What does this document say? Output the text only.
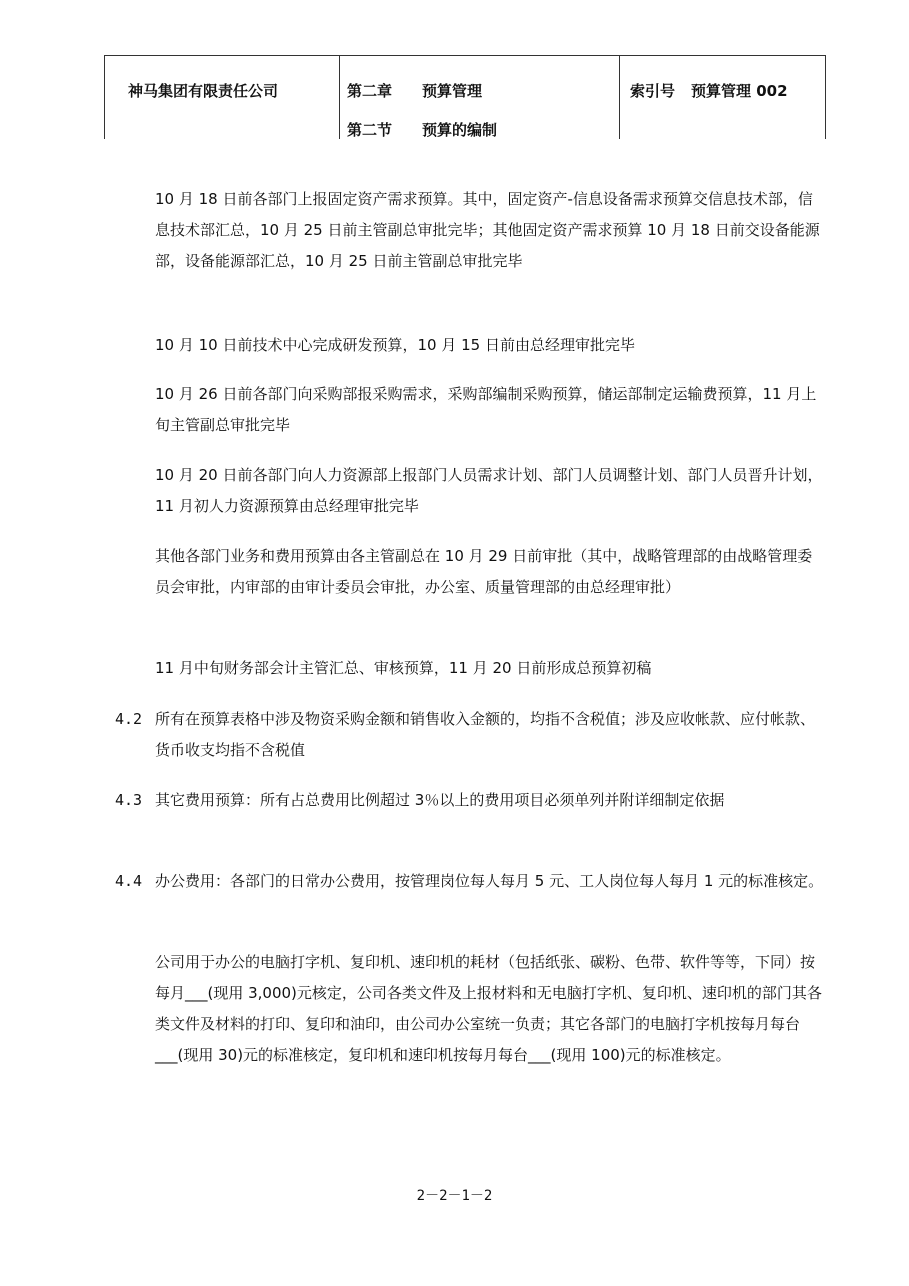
神马集团有限责任公司	第二章　　预算管理
第二节　　预算的编制
索引号 预算管理 002

10 月 18 日前各部门上报固定资产需求预算。其中，固定资产-信息设备需求预算交信息技术部，信息技术部汇总，10 月 25 日前主管副总审批完毕；其他固定资产需求预算 10 月 18 日前交设备能源部，设备能源部汇总，10 月 25 日前主管副总审批完毕

10 月 10 日前技术中心完成研发预算，10 月 15 日前由总经理审批完毕

10 月 26 日前各部门向采购部报采购需求，采购部编制采购预算，储运部制定运输费预算，11 月上旬主管副总审批完毕

10 月 20 日前各部门向人力资源部上报部门人员需求计划、部门人员调整计划、部门人员晋升计划，11 月初人力资源预算由总经理审批完毕

其他各部门业务和费用预算由各主管副总在 10 月 29 日前审批（其中，战略管理部的由战略管理委员会审批，内审部的由审计委员会审批，办公室、质量管理部的由总经理审批）

11 月中旬财务部会计主管汇总、审核预算，11 月 20 日前形成总预算初稿

4.2 所有在预算表格中涉及物资采购金额和销售收入金额的，均指不含税值；涉及应收帐款、应付帐款、货币收支均指不含税值

4.3 其它费用预算：所有占总费用比例超过 3％以上的费用项目必须单列并附详细制定依据

4.4 办公费用：各部门的日常办公费用，按管理岗位每人每月 5 元、工人岗位每人每月 1 元的标准核定。

公司用于办公的电脑打字机、复印机、速印机的耗材（包括纸张、碳粉、色带、软件等等，下同）按每月___(现用 3,000)元核定，公司各类文件及上报材料和无电脑打字机、复印机、速印机的部门其各类文件及材料的打印、复印和油印，由公司办公室统一负责；其它各部门的电脑打字机按每月每台___(现用 30)元的标准核定，复印机和速印机按每月每台___(现用 100)元的标准核定。

2－2－1－2
